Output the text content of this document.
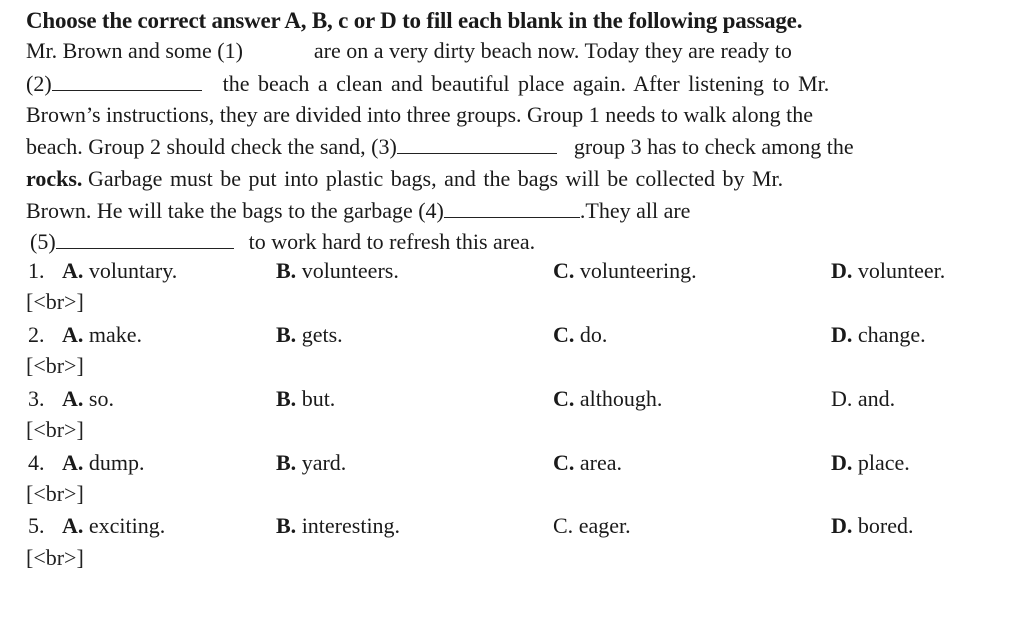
Choose the correct answer A, B, c or D to fill each blank in the following passage.
Mr. Brown and some (1)	are on a very dirty beach now. Today they are ready to
(2)	the beach a clean and beautiful place again. After listening to Mr.
Brown’s instructions, they are divided into three groups. Group 1 needs to walk along the
beach. Group 2 should check the sand, (3)	group 3 has to check among the
rocks. Garbage must be put into plastic bags, and the bags will be collected by Mr.
Brown. He will take the bags to the garbage (4)	.They all are
(5)	to work hard to refresh this area.
1. A. voluntary.	B. volunteers.	C. volunteering.	D. volunteer.
[<br>]
2. A. make.	B. gets.	C. do.	D. change.
[<br>]
3. A. so.	B. but.	C. although.	D. and.
[<br>]
4. A. dump.	B. yard.	C. area.	D. place.
[<br>]
5. A. exciting.	B. interesting.	C. eager.	D. bored.
[<br>]
